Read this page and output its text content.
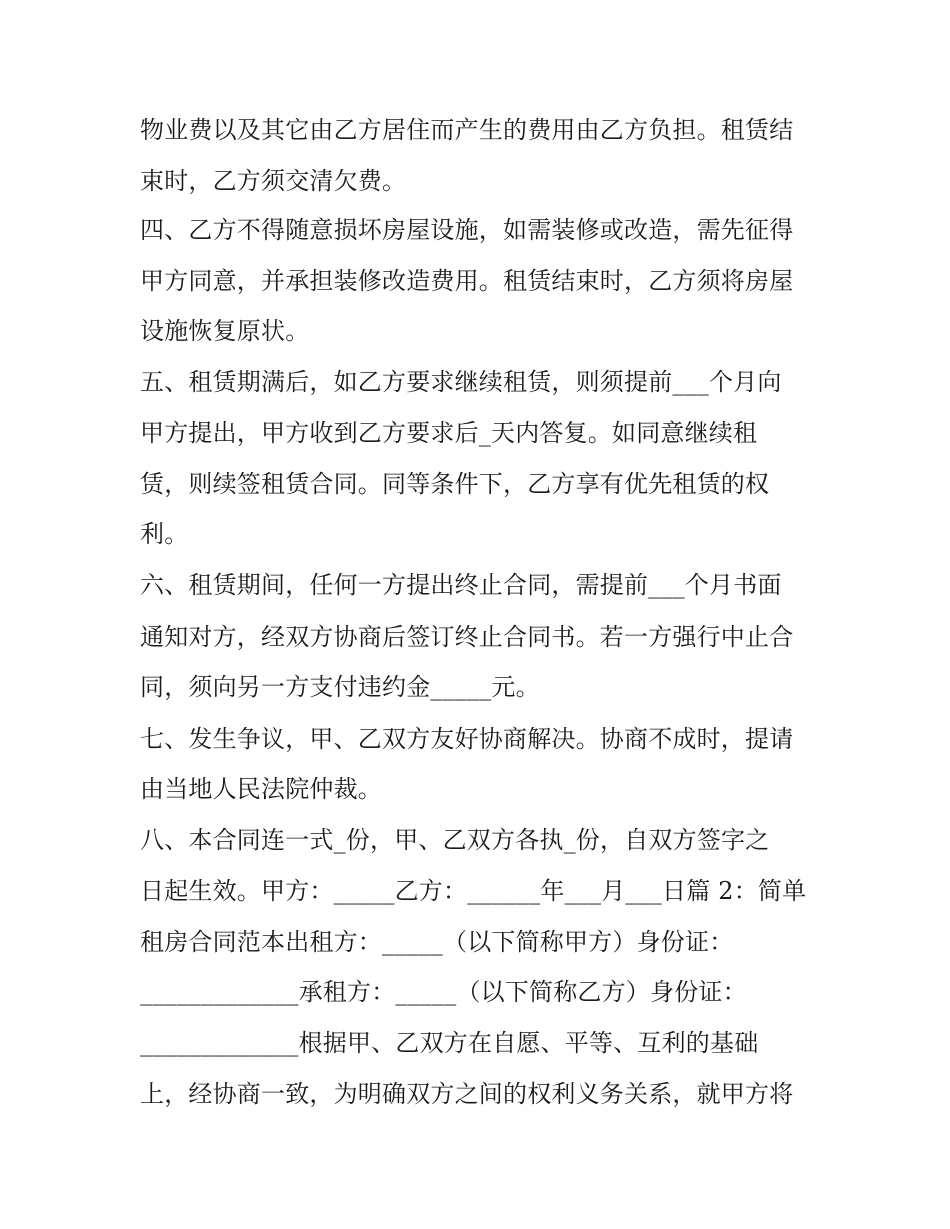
物业费以及其它由乙方居住而产生的费用由乙方负担。租赁结
束时，乙方须交清欠费。
四、乙方不得随意损坏房屋设施，如需装修或改造，需先征得
甲方同意，并承担装修改造费用。租赁结束时，乙方须将房屋
设施恢复原状。
五、租赁期满后，如乙方要求继续租赁，则须提前___个月向
甲方提出，甲方收到乙方要求后_天内答复。如同意继续租
赁，则续签租赁合同。同等条件下，乙方享有优先租赁的权
利。
六、租赁期间，任何一方提出终止合同，需提前___个月书面
通知对方，经双方协商后签订终止合同书。若一方强行中止合
同，须向另一方支付违约金_____元。
七、发生争议，甲、乙双方友好协商解决。协商不成时，提请
由当地人民法院仲裁。
八、本合同连一式_份，甲、乙双方各执_份，自双方签字之
日起生效。甲方：_____乙方：______年___月___日篇 2：简单
租房合同范本出租方：_____（以下简称甲方）身份证：
_____________承租方：_____（以下简称乙方）身份证：
_____________根据甲、乙双方在自愿、平等、互利的基础
上，经协商一致，为明确双方之间的权利义务关系，就甲方将
